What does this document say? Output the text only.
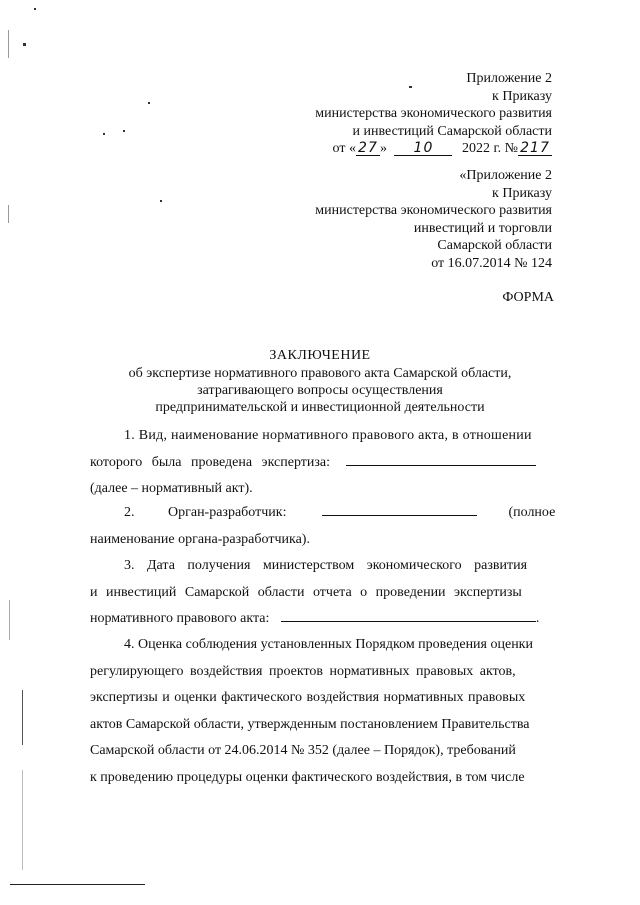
Приложение 2
к Приказу
министерства экономического развития
и инвестиций Самарской области
от « 27 » 10 2022 г. № 217
«Приложение 2
к Приказу
министерства экономического развития
инвестиций и торговли
Самарской области
от 16.07.2014 № 124
ФОРМА
ЗАКЛЮЧЕНИЕ
об экспертизе нормативного правового акта Самарской области,
затрагивающего вопросы осуществления
предпринимательской и инвестиционной деятельности
1. Вид, наименование нормативного правового акта, в отношении
которого была проведена экспертиза:
(далее – нормативный акт).
2. Орган-разработчик:	(полное
наименование органа-разработчика).
3. Дата получения министерством экономического развития
и инвестиций Самарской области отчета о проведении экспертизы
нормативного правового акта:	.
4. Оценка соблюдения установленных Порядком проведения оценки
регулирующего воздействия проектов нормативных правовых актов,
экспертизы и оценки фактического воздействия нормативных правовых
актов Самарской области, утвержденным постановлением Правительства
Самарской области от 24.06.2014 № 352 (далее – Порядок), требований
к проведению процедуры оценки фактического воздействия, в том числе
